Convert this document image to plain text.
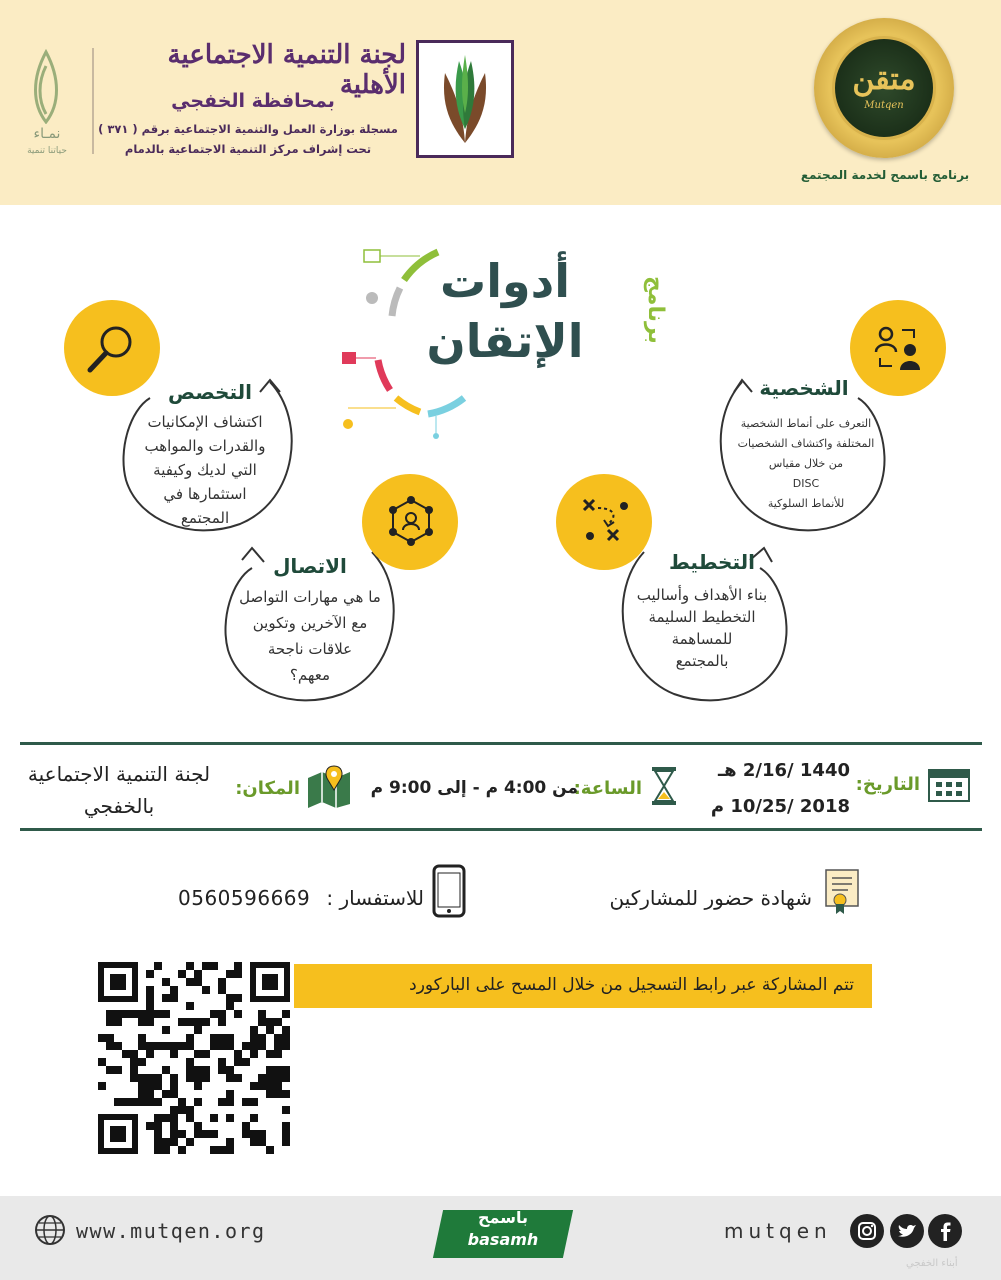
متقن
Mutqen
برنامج باسمح لخدمة المجتمع
لجنة التنمية الاجتماعية الأهلية
بمحافظة الخفجي
مسجلة بوزارة العمل والتنمية الاجتماعية برقم ( ٣٧١ )
تحت إشراف مركز التنمية الاجتماعية بالدمام
نمـاء
حياتنا تنمية
أدوات
الإتقان	برنامج
الشخصية
التعرف على أنماط الشخصية
المختلفة واكتشاف الشخصيات
من خلال مقياس
DISC
للأنماط السلوكية
التخصص
اكتشاف الإمكانيات
والقدرات والمواهب
التي لديك وكيفية
استثمارها في
المجتمع
التخطيط
بناء الأهداف وأساليب
التخطيط السليمة
للمساهمة
بالمجتمع
الاتصال
ما هي مهارات التواصل
مع الآخرين وتكوين
علاقات ناجحة
معهم؟
التاريخ:
1440 /2/16 هـ
2018 /10/25 م
الساعة:
من 4:00 م - إلى 9:00 م
المكان:
لجنة التنمية الاجتماعية
بالخفجي
شهادة حضور للمشاركين
للاستفسار :
0560596669
تتم المشاركة عبر رابط التسجيل من خلال المسح على الباركورد
www.mutqen.org
باسمح
basamh	mutqen
أبناء الخفجي
